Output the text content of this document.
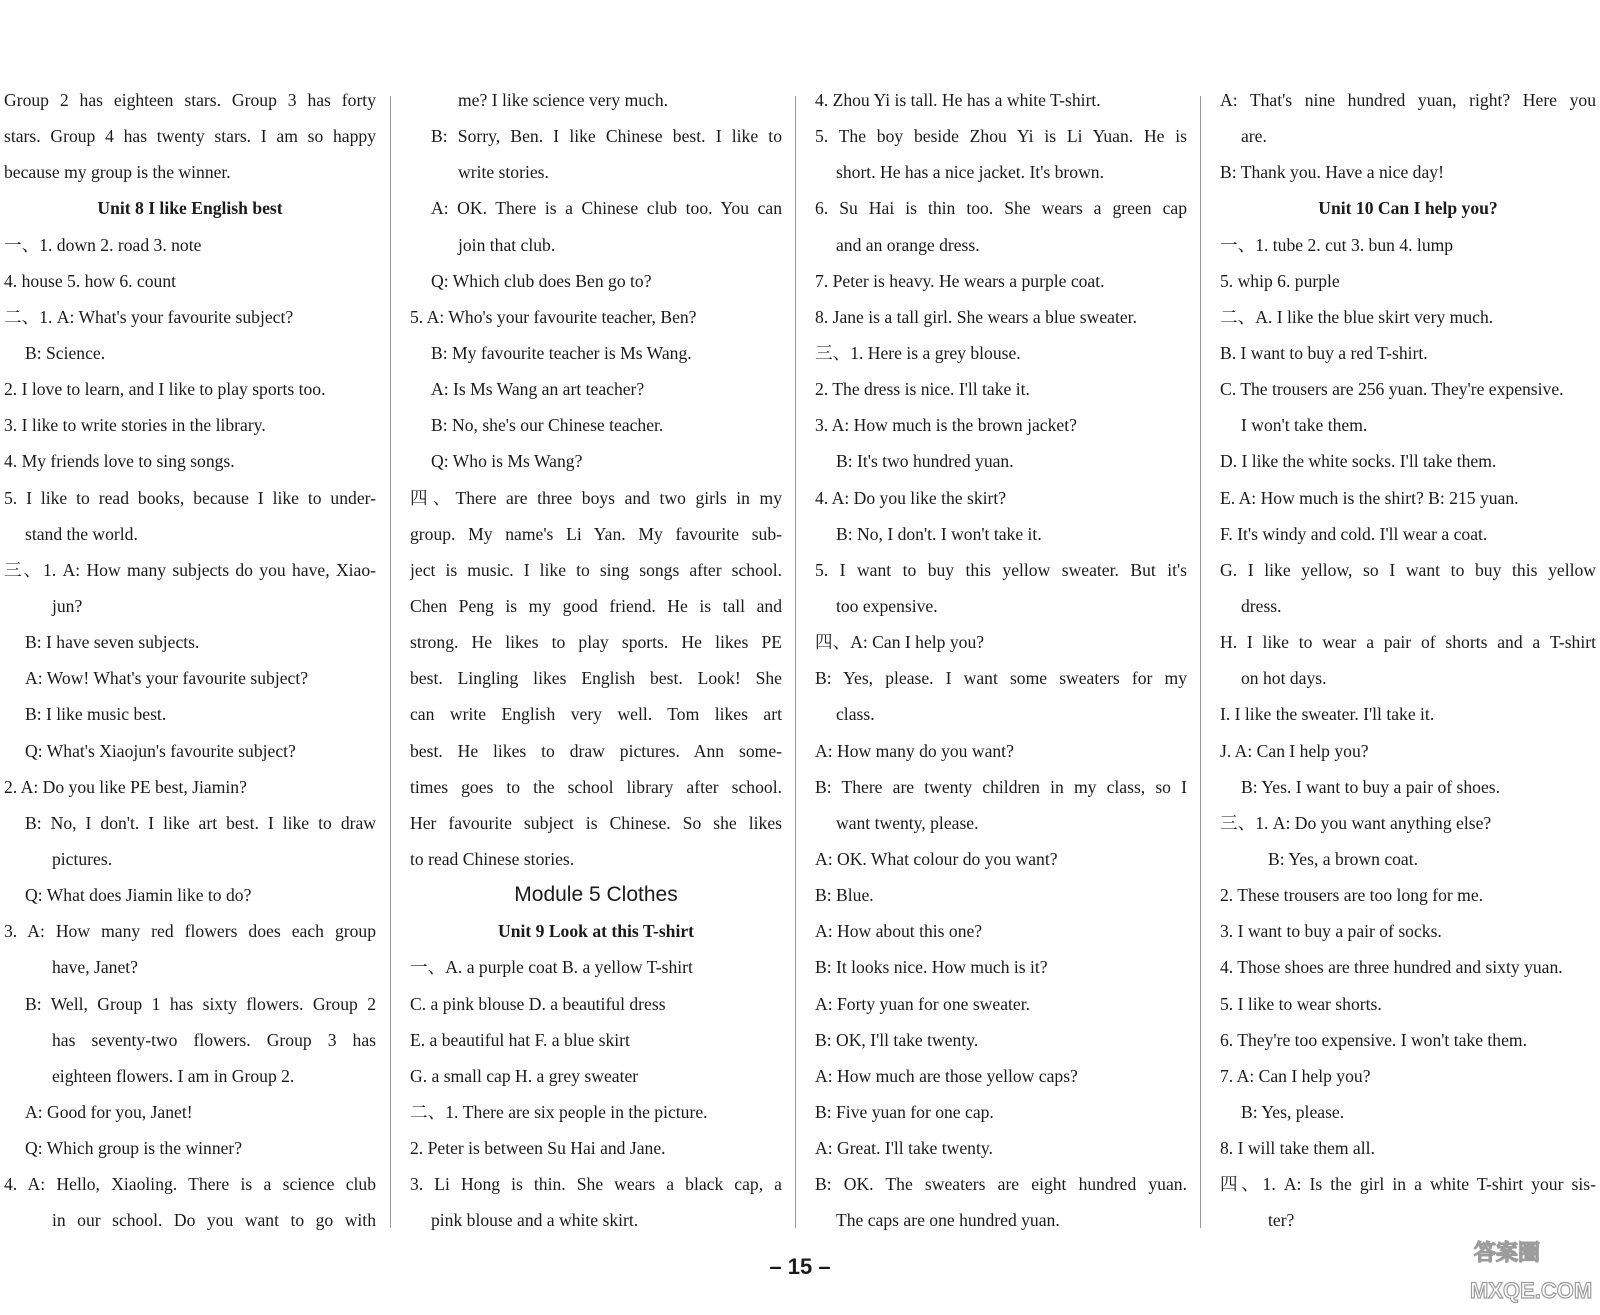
Group 2 has eighteen stars. Group 3 has forty
stars. Group 4 has twenty stars. I am so happy
because my group is the winner.
Unit 8 I like English best
一、1. down 2. road 3. note
4. house 5. how 6. count
二、1. A: What's your favourite subject?
B: Science.
2. I love to learn, and I like to play sports too.
3. I like to write stories in the library.
4. My friends love to sing songs.
5. I like to read books, because I like to under-
stand the world.
三、1. A: How many subjects do you have, Xiao-
jun?
B: I have seven subjects.
A: Wow! What's your favourite subject?
B: I like music best.
Q: What's Xiaojun's favourite subject?
2. A: Do you like PE best, Jiamin?
B: No, I don't. I like art best. I like to draw
pictures.
Q: What does Jiamin like to do?
3. A: How many red flowers does each group
have, Janet?
B: Well, Group 1 has sixty flowers. Group 2
has seventy-two flowers. Group 3 has
eighteen flowers. I am in Group 2.
A: Good for you, Janet!
Q: Which group is the winner?
4. A: Hello, Xiaoling. There is a science club
in our school. Do you want to go with
me? I like science very much.
B: Sorry, Ben. I like Chinese best. I like to
write stories.
A: OK. There is a Chinese club too. You can
join that club.
Q: Which club does Ben go to?
5. A: Who's your favourite teacher, Ben?
B: My favourite teacher is Ms Wang.
A: Is Ms Wang an art teacher?
B: No, she's our Chinese teacher.
Q: Who is Ms Wang?
四、There are three boys and two girls in my
group. My name's Li Yan. My favourite sub-
ject is music. I like to sing songs after school.
Chen Peng is my good friend. He is tall and
strong. He likes to play sports. He likes PE
best. Lingling likes English best. Look! She
can write English very well. Tom likes art
best. He likes to draw pictures. Ann some-
times goes to the school library after school.
Her favourite subject is Chinese. So she likes
to read Chinese stories.
Module 5 Clothes
Unit 9 Look at this T-shirt
一、A. a purple coat B. a yellow T-shirt
C. a pink blouse D. a beautiful dress
E. a beautiful hat F. a blue skirt
G. a small cap H. a grey sweater
二、1. There are six people in the picture.
2. Peter is between Su Hai and Jane.
3. Li Hong is thin. She wears a black cap, a
pink blouse and a white skirt.
4. Zhou Yi is tall. He has a white T-shirt.
5. The boy beside Zhou Yi is Li Yuan. He is
short. He has a nice jacket. It's brown.
6. Su Hai is thin too. She wears a green cap
and an orange dress.
7. Peter is heavy. He wears a purple coat.
8. Jane is a tall girl. She wears a blue sweater.
三、1. Here is a grey blouse.
2. The dress is nice. I'll take it.
3. A: How much is the brown jacket?
B: It's two hundred yuan.
4. A: Do you like the skirt?
B: No, I don't. I won't take it.
5. I want to buy this yellow sweater. But it's
too expensive.
四、A: Can I help you?
B: Yes, please. I want some sweaters for my
class.
A: How many do you want?
B: There are twenty children in my class, so I
want twenty, please.
A: OK. What colour do you want?
B: Blue.
A: How about this one?
B: It looks nice. How much is it?
A: Forty yuan for one sweater.
B: OK, I'll take twenty.
A: How much are those yellow caps?
B: Five yuan for one cap.
A: Great. I'll take twenty.
B: OK. The sweaters are eight hundred yuan.
The caps are one hundred yuan.
A: That's nine hundred yuan, right? Here you
are.
B: Thank you. Have a nice day!
Unit 10 Can I help you?
一、1. tube 2. cut 3. bun 4. lump
5. whip 6. purple
二、A. I like the blue skirt very much.
B. I want to buy a red T-shirt.
C. The trousers are 256 yuan. They're expensive.
I won't take them.
D. I like the white socks. I'll take them.
E. A: How much is the shirt? B: 215 yuan.
F. It's windy and cold. I'll wear a coat.
G. I like yellow, so I want to buy this yellow
dress.
H. I like to wear a pair of shorts and a T-shirt
on hot days.
I. I like the sweater. I'll take it.
J. A: Can I help you?
B: Yes. I want to buy a pair of shoes.
三、1. A: Do you want anything else?
B: Yes, a brown coat.
2. These trousers are too long for me.
3. I want to buy a pair of socks.
4. Those shoes are three hundred and sixty yuan.
5. I like to wear shorts.
6. They're too expensive. I won't take them.
7. A: Can I help you?
B: Yes, please.
8. I will take them all.
四、1. A: Is the girl in a white T-shirt your sis-
ter?
– 15 –
答案圈
MXQE.COM
